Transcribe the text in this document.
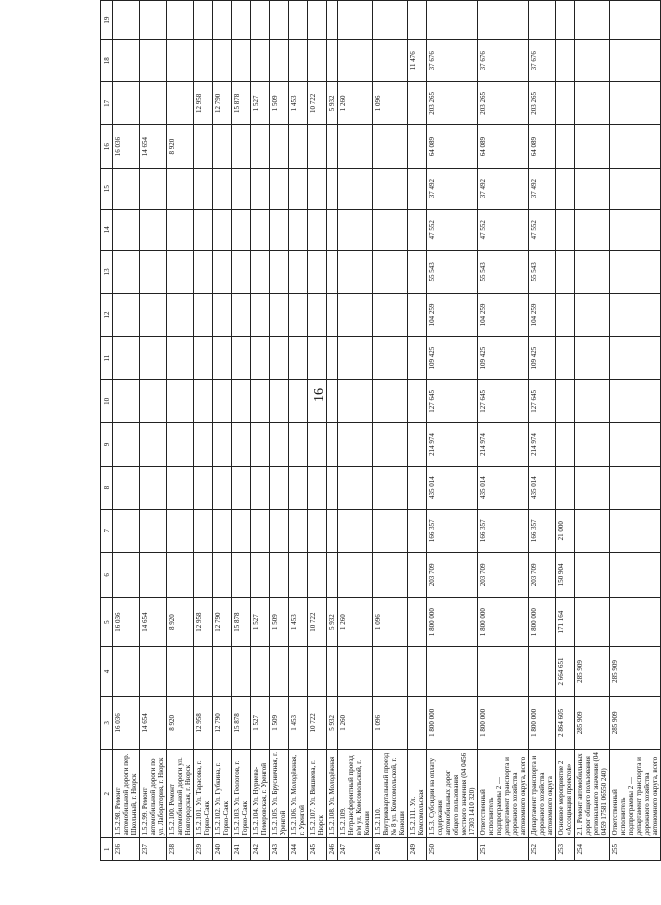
16
1	2	3	4	5	6	7	8	9	10	11	12	13	14	15	16	17	18	19
236	1.5.2.98. Ремонт автомобильной дороги пер. Школьный, г. Нюрск	16 036		16 036											16 036			
237	1.5.2.99. Ремонт автомобильной дороги по ул. Лаборатория, г. Нюрск	14 654		14 654											14 654			
238	1.5.2.100. Ремонт автомобильной дороги ул. Новгородская, г. Нюрск	8 920		8 920											8 920			
239	1.5.2.101. Ул. Тарасова, г. Горно-Саяк	12 958		12 958												12 958		
240	1.5.2.102. Ул. Губкина, г. Горно-Саяк	12 790		12 790												12 790		
241	1.5.2.103. Ул. Геологов, г. Горно-Саяк	15 878		15 878												15 878		
242	1.5.2.104. Ул. Нуриева-Пемеровская, г. Уренгой	1 527		1 527												1 527		
243	1.5.2.105. Ул. Брусничная, г. Уренгой	1 509		1 509												1 509		
244	1.5.2.106. Ул. Молодёжная, г. Уренгой	1 453		1 453												1 453		
245	1.5.2.107. Ул. Вишнева, г. Нюрск	10 722		10 722												10 722		
246	1.5.2.108. Ул. Молодёжная	5 932		5 932												5 932		
247	1.5.2.109. Нетрансферентный проезд в/м ул. Комсомольской, г. Коноши	1 260		1 260												1 260		
248	1.5.2.110. Внутриквартальный проезд № 8 ул. Комсомольской, г. Коноши	1 096		1 096												1 096		
249	1.5.2.111. Ул. Комсомольская																11 476	
250	1.5.3. Субсидии на оплату содержания автомобильных дорог общего пользования местного значения (04 0456 17303 1410 320)	1 800 000		1 800 000	203 709	166 357	435 014	214 974	127 645	109 425	104 259	55 543	47 552	37 492	64 089	203 265	37 676	
251	Ответственный исполнитель подпрограммы 2 — департамент транспорта и дорожного хозяйства автономного округа, всего	1 800 000		1 800 000	203 709	166 357	435 014	214 974	127 645	109 425	104 259	55 543	47 552	37 492	64 089	203 265	37 676	
252	Департамент транспорта и дорожного хозяйства автономного округа	1 800 000		1 800 000	203 709	166 357	435 014	214 974	127 645	109 425	104 259	55 543	47 552	37 492	64 089	203 265	37 676	
253	Основное мероприятие 2 «Ассоциация проектов»	2 864 605	2 664 651	171 164	150 904	21 000												
254	2.1. Ремонт автомобильных дорог общего пользования регионального значения (04 0459 17581 06550 240)	285 909	285 909															
255	Ответственный исполнитель подпрограммы 2 — департамент транспорта и дорожного хозяйства автономного округа, всего	285 909	285 909															
